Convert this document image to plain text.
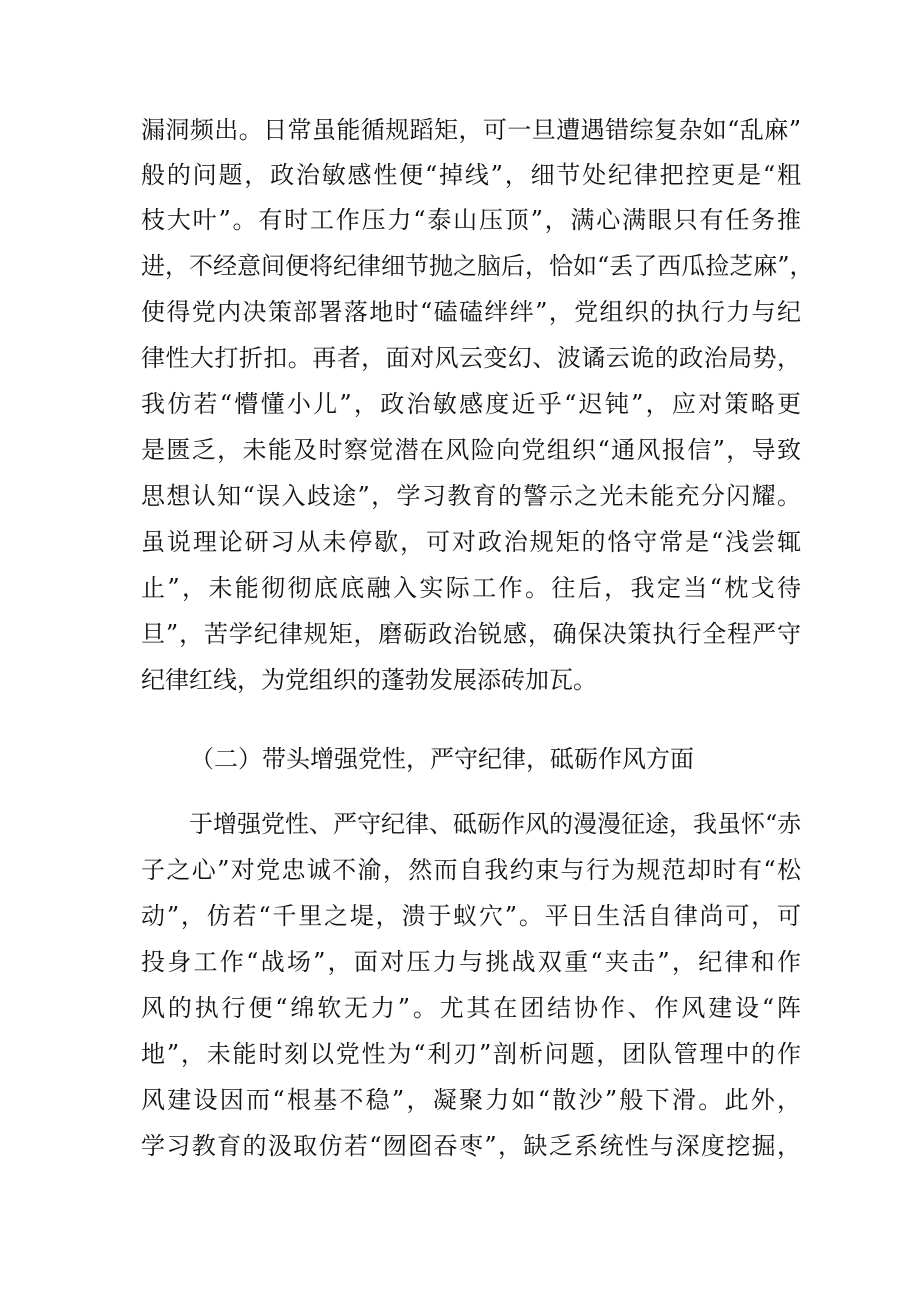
漏洞频出。日常虽能循规蹈矩，可一旦遭遇错综复杂如“乱麻”
般的问题，政治敏感性便“掉线”，细节处纪律把控更是“粗
枝大叶”。有时工作压力“泰山压顶”，满心满眼只有任务推
进，不经意间便将纪律细节抛之脑后，恰如“丢了西瓜捡芝麻”，
使得党内决策部署落地时“磕磕绊绊”，党组织的执行力与纪
律性大打折扣。再者，面对风云变幻、波谲云诡的政治局势，
我仿若“懵懂小儿”，政治敏感度近乎“迟钝”，应对策略更
是匮乏，未能及时察觉潜在风险向党组织“通风报信”，导致
思想认知“误入歧途”，学习教育的警示之光未能充分闪耀。
虽说理论研习从未停歇，可对政治规矩的恪守常是“浅尝辄
止”，未能彻彻底底融入实际工作。往后，我定当“枕戈待
旦”，苦学纪律规矩，磨砺政治锐感，确保决策执行全程严守
纪律红线，为党组织的蓬勃发展添砖加瓦。
（二）带头增强党性，严守纪律，砥砺作风方面
于增强党性、严守纪律、砥砺作风的漫漫征途，我虽怀“赤
子之心”对党忠诚不渝，然而自我约束与行为规范却时有“松
动”，仿若“千里之堤，溃于蚁穴”。平日生活自律尚可，可
投身工作“战场”，面对压力与挑战双重“夹击”，纪律和作
风的执行便“绵软无力”。尤其在团结协作、作风建设“阵
地”，未能时刻以党性为“利刃”剖析问题，团队管理中的作
风建设因而“根基不稳”，凝聚力如“散沙”般下滑。此外，
学习教育的汲取仿若“囫囵吞枣”，缺乏系统性与深度挖掘，
